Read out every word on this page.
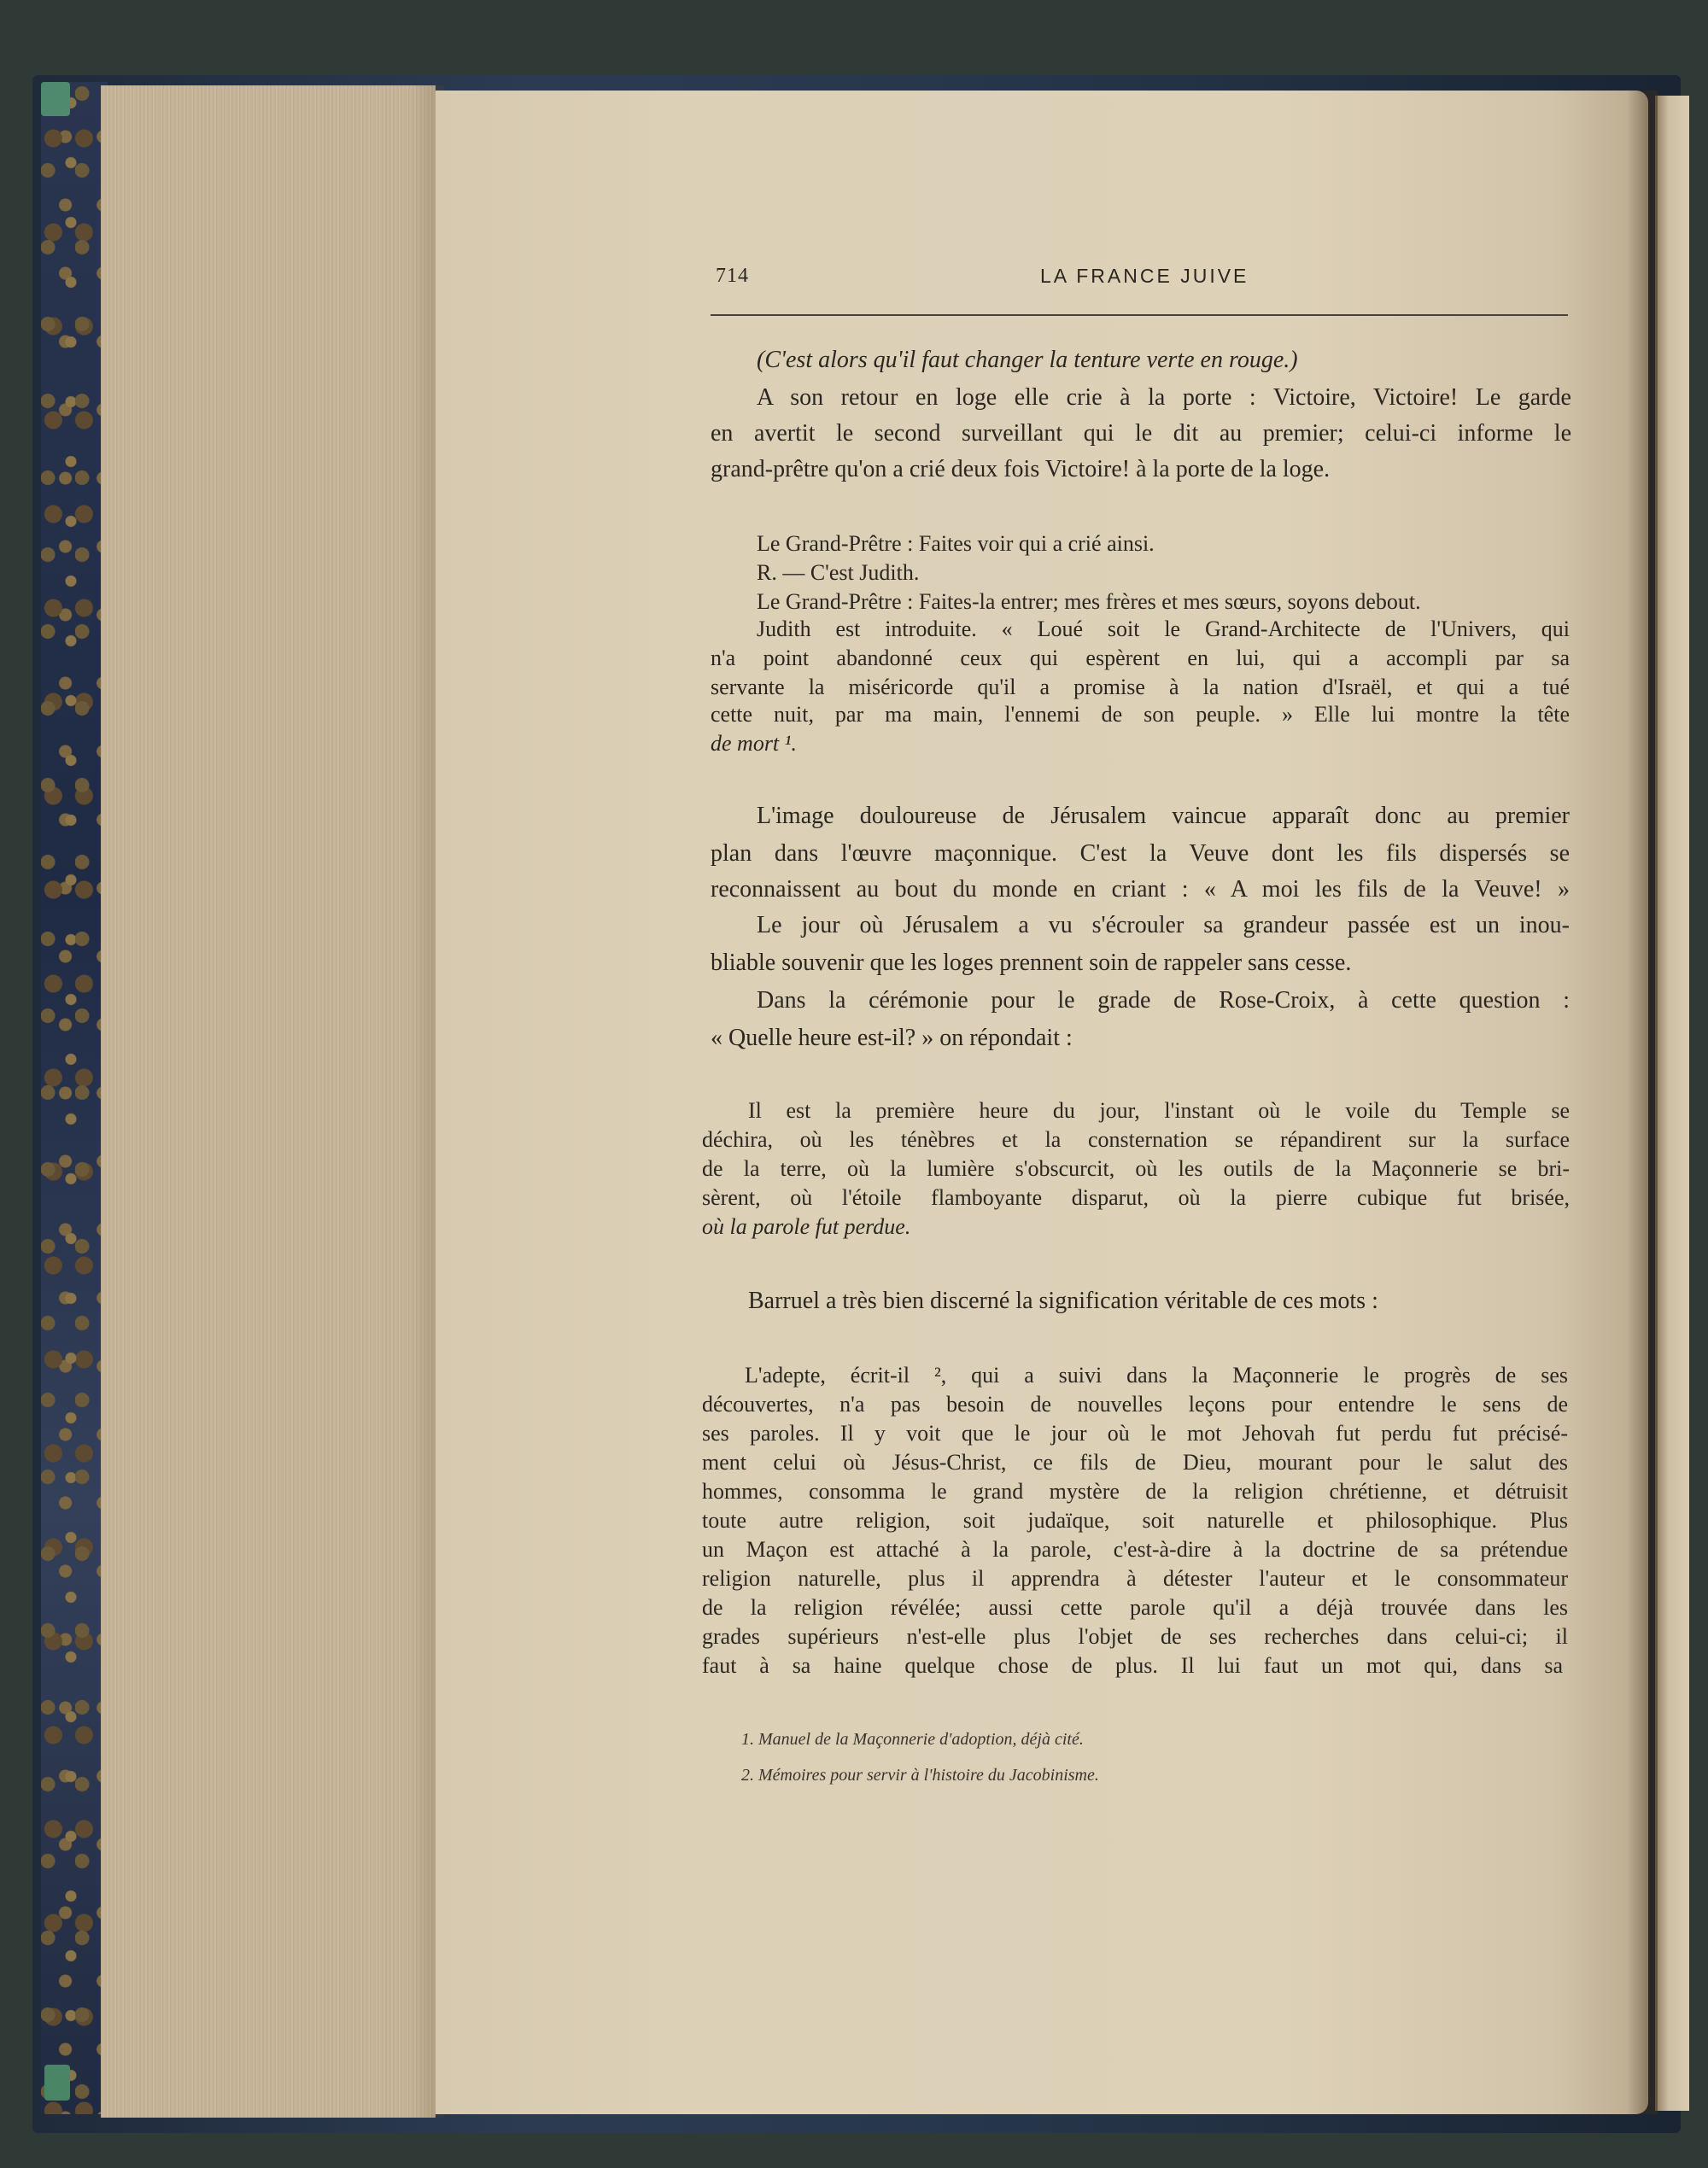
714	LA FRANCE JUIVE
(C'est alors qu'il faut changer la tenture verte en rouge.)
A son retour en loge elle crie à la porte : Victoire, Victoire! Le garde
en avertit le second surveillant qui le dit au premier; celui-ci informe le
grand-prêtre qu'on a crié deux fois Victoire! à la porte de la loge.
Le Grand-Prêtre : Faites voir qui a crié ainsi.
R. — C'est Judith.
Le Grand-Prêtre : Faites-la entrer; mes frères et mes sœurs, soyons debout.
Judith est introduite. « Loué soit le Grand-Architecte de l'Univers, qui
n'a point abandonné ceux qui espèrent en lui, qui a accompli par sa
servante la miséricorde qu'il a promise à la nation d'Israël, et qui a tué
cette nuit, par ma main, l'ennemi de son peuple. » Elle lui montre la tête
de mort ¹.
L'image douloureuse de Jérusalem vaincue apparaît donc au premier
plan dans l'œuvre maçonnique. C'est la Veuve dont les fils dispersés se
reconnaissent au bout du monde en criant : « A moi les fils de la Veuve! »
Le jour où Jérusalem a vu s'écrouler sa grandeur passée est un inou-
bliable souvenir que les loges prennent soin de rappeler sans cesse.
Dans la cérémonie pour le grade de Rose-Croix, à cette question :
« Quelle heure est-il? » on répondait :
Il est la première heure du jour, l'instant où le voile du Temple se
déchira, où les ténèbres et la consternation se répandirent sur la surface
de la terre, où la lumière s'obscurcit, où les outils de la Maçonnerie se bri-
sèrent, où l'étoile flamboyante disparut, où la pierre cubique fut brisée,
où la parole fut perdue.
Barruel a très bien discerné la signification véritable de ces mots :
L'adepte, écrit-il ², qui a suivi dans la Maçonnerie le progrès de ses
découvertes, n'a pas besoin de nouvelles leçons pour entendre le sens de
ses paroles. Il y voit que le jour où le mot Jehovah fut perdu fut précisé-
ment celui où Jésus-Christ, ce fils de Dieu, mourant pour le salut des
hommes, consomma le grand mystère de la religion chrétienne, et détruisit
toute autre religion, soit judaïque, soit naturelle et philosophique. Plus
un Maçon est attaché à la parole, c'est-à-dire à la doctrine de sa prétendue
religion naturelle, plus il apprendra à détester l'auteur et le consommateur
de la religion révélée; aussi cette parole qu'il a déjà trouvée dans les
grades supérieurs n'est-elle plus l'objet de ses recherches dans celui-ci; il
faut à sa haine quelque chose de plus. Il lui faut un mot qui, dans sa
1. Manuel de la Maçonnerie d'adoption, déjà cité.
2. Mémoires pour servir à l'histoire du Jacobinisme.
